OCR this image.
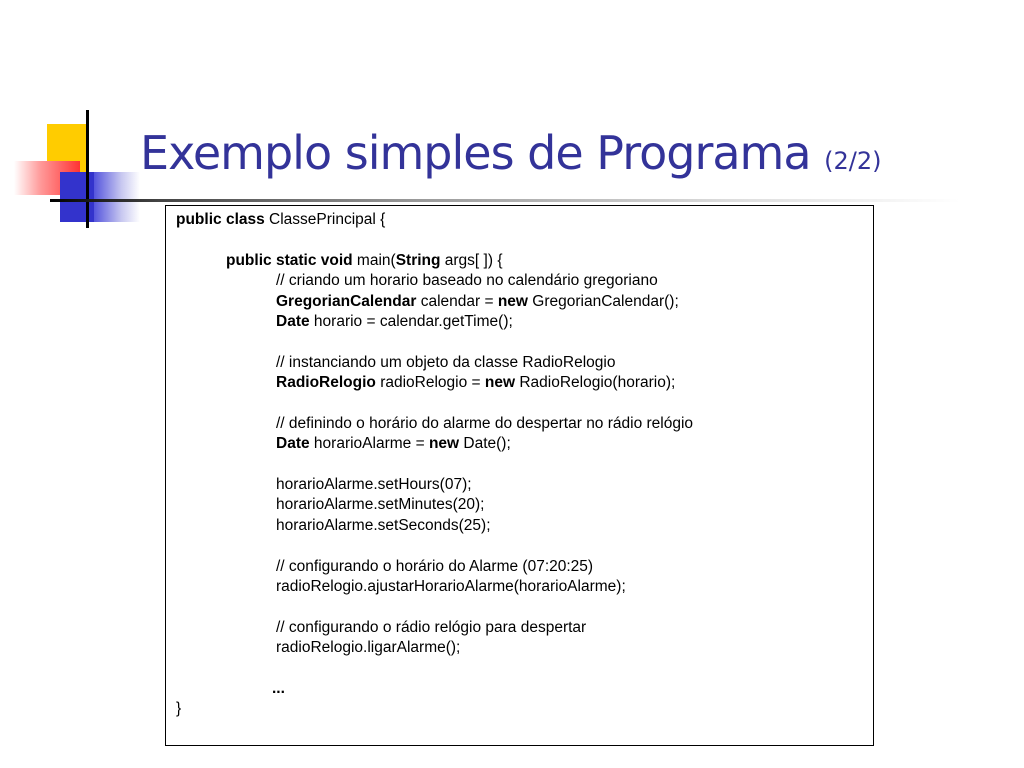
Exemplo simples de Programa (2/2)
public class ClassePrincipal {
public static void main(String args[ ]) {
// criando um horario baseado no calendário gregoriano
GregorianCalendar calendar = new GregorianCalendar();
Date horario = calendar.getTime();
// instanciando um objeto da classe RadioRelogio
RadioRelogio radioRelogio = new RadioRelogio(horario);
// definindo o horário do alarme do despertar no rádio relógio
Date horarioAlarme = new Date();
horarioAlarme.setHours(07);
horarioAlarme.setMinutes(20);
horarioAlarme.setSeconds(25);
// configurando o horário do Alarme (07:20:25)
radioRelogio.ajustarHorarioAlarme(horarioAlarme);
// configurando o rádio relógio para despertar
radioRelogio.ligarAlarme();
...
}
